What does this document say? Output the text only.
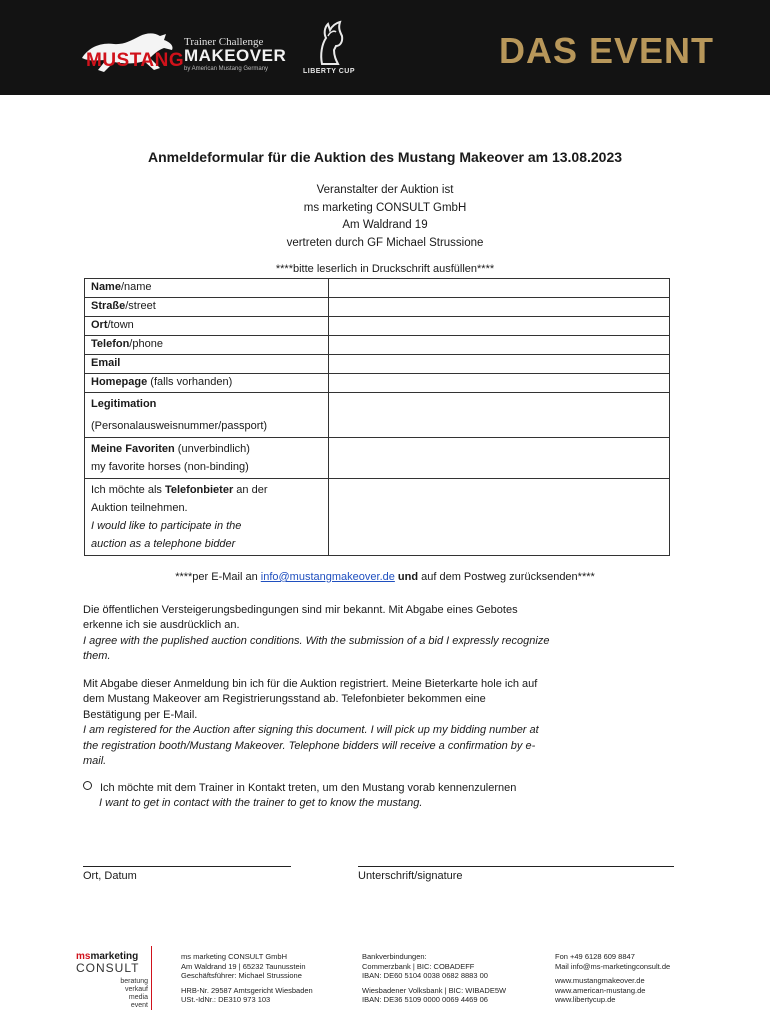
MUSTANG
Trainer Challenge
MAKEOVER
by American Mustang Germany	LIBERTY CUP
DAS EVENT
Anmeldeformular für die Auktion des Mustang Makeover am 13.08.2023
Veranstalter der Auktion ist
ms marketing CONSULT GmbH
Am Waldrand 19
vertreten durch GF Michael Strussione
****bitte leserlich in Druckschrift ausfüllen****
Name/name	
Straße/street	
Ort/town	
Telefon/phone	
Email	
Homepage (falls vorhanden)	

Legitimation
(Personalausweisnummer/passport)	

Meine Favoriten (unverbindlich)
my favorite horses (non-binding)	

Ich möchte als Telefonbieter an der
Auktion teilnehmen.
I would like to participate in the
auction as a telephone bidder	

****per E-Mail an info@mustangmakeover.de und auf dem Postweg zurücksenden****
Die öffentlichen Versteigerungsbedingungen sind mir bekannt. Mit Abgabe eines Gebotes
erkenne ich sie ausdrücklich an.
I agree with the puplished auction conditions. With the submission of a bid I expressly recognize
them.
Mit Abgabe dieser Anmeldung bin ich für die Auktion registriert. Meine Bieterkarte hole ich auf
dem Mustang Makeover am Registrierungsstand ab. Telefonbieter bekommen eine
Bestätigung per E-Mail.
I am registered for the Auction after signing this document. I will pick up my bidding number at
the registration booth/Mustang Makeover. Telephone bidders will receive a confirmation by e-
mail.
Ich möchte mit dem Trainer in Kontakt treten, um den Mustang vorab kennenzulernen
I want to get in contact with the trainer to get to know the mustang.
Ort, Datum	Unterschrift/signature
msmarketing
CONSULT
beratung
verkauf
media
event
ms marketing CONSULT GmbH
Am Waldrand 19 | 65232 Taunusstein
Geschäftsführer: Michael Strussione
HRB-Nr. 29587 Amtsgericht Wiesbaden
USt.-IdNr.: DE310 973 103
Bankverbindungen:
Commerzbank | BIC: COBADEFF
IBAN: DE60 5104 0038 0682 8883 00
Wiesbadener Volksbank | BIC: WIBADE5W
IBAN: DE36 5109 0000 0069 4469 06
Fon +49 6128 609 8847
Mail info@ms-marketingconsult.de
www.mustangmakeover.de
www.american-mustang.de
www.libertycup.de
